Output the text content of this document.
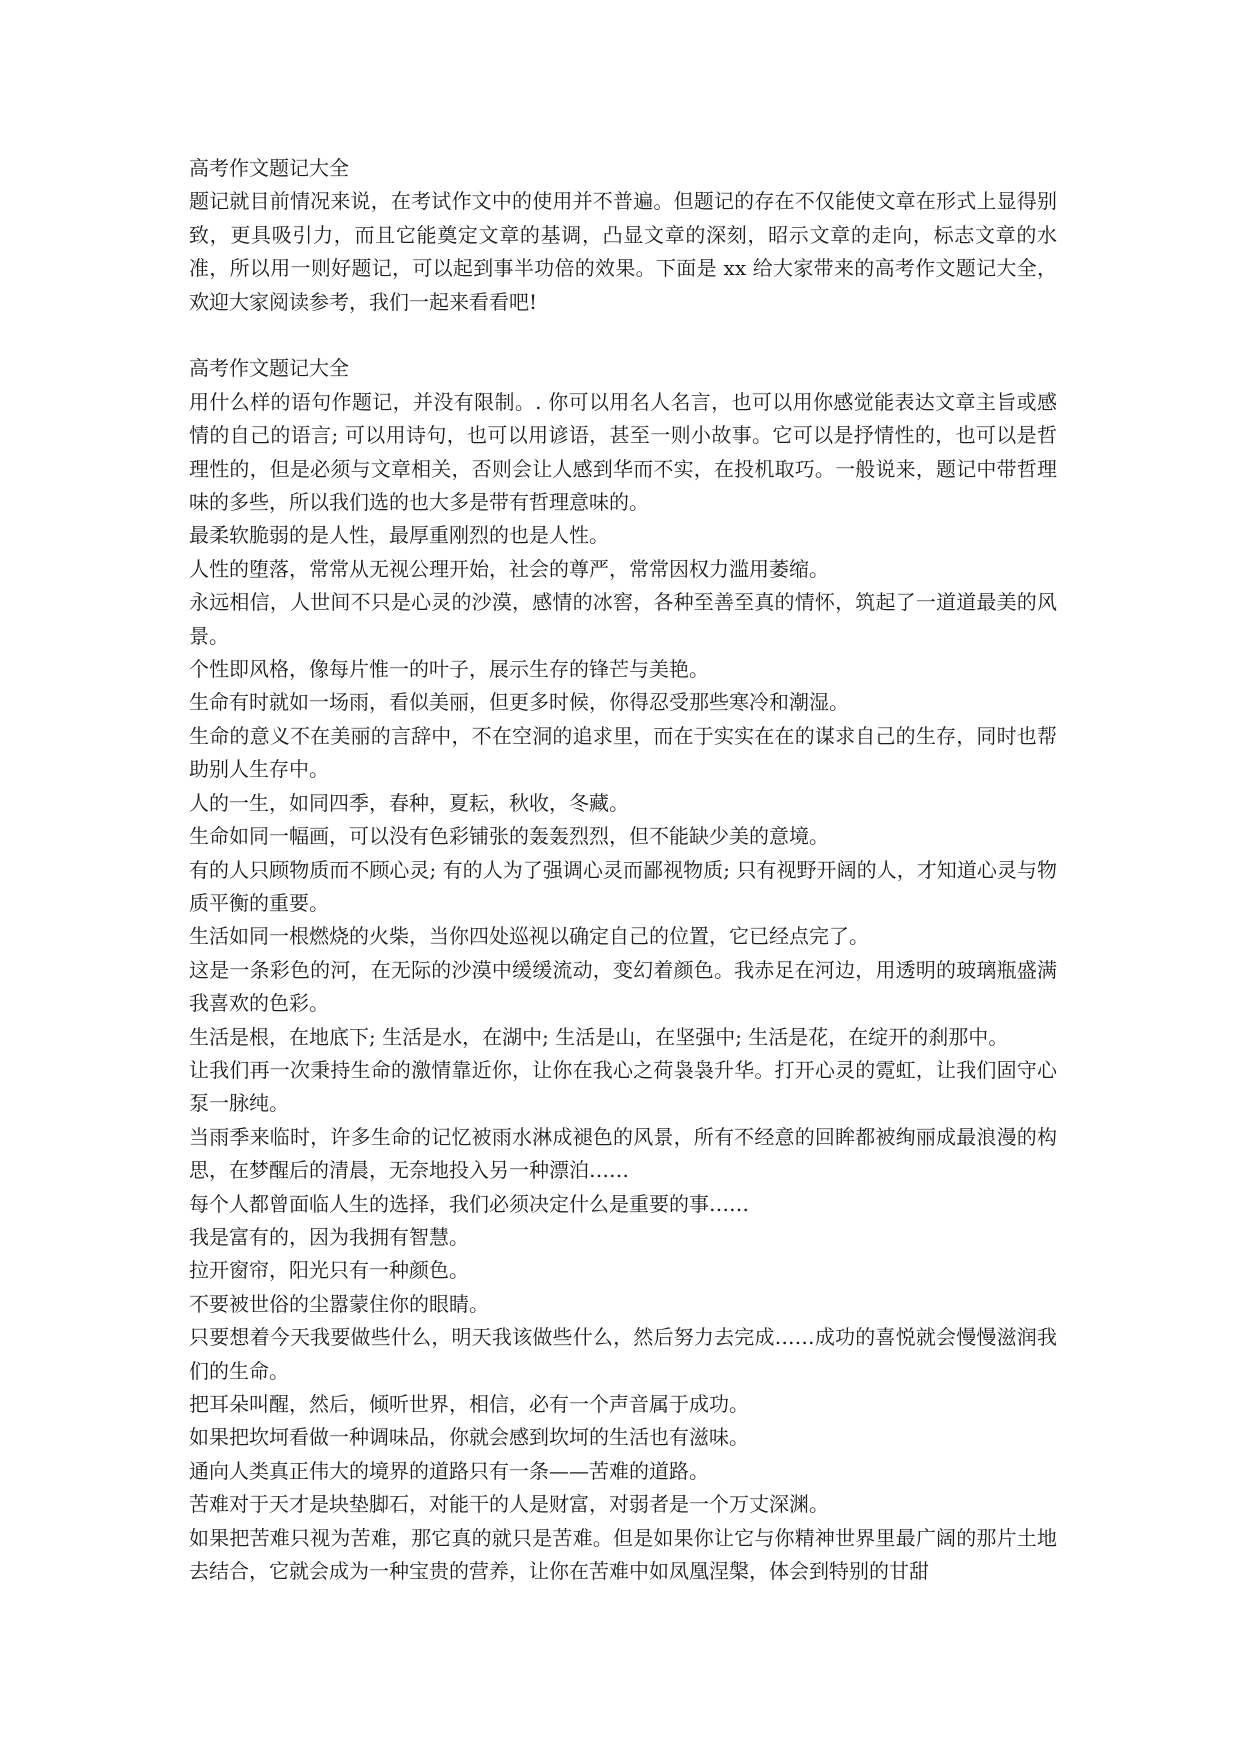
高考作文题记大全

题记就目前情况来说，在考试作文中的使用并不普遍。但题记的存在不仅能使文章在形式上显得别致，更具吸引力，而且它能奠定文章的基调，凸显文章的深刻，昭示文章的走向，标志文章的水准，所以用一则好题记，可以起到事半功倍的效果。下面是 xx 给大家带来的高考作文题记大全，欢迎大家阅读参考，我们一起来看看吧!

高考作文题记大全

用什么样的语句作题记，并没有限制。. 你可以用名人名言，也可以用你感觉能表达文章主旨或感情的自己的语言; 可以用诗句，也可以用谚语，甚至一则小故事。它可以是抒情性的，也可以是哲理性的，但是必须与文章相关，否则会让人感到华而不实，在投机取巧。一般说来，题记中带哲理味的多些，所以我们选的也大多是带有哲理意味的。

最柔软脆弱的是人性，最厚重刚烈的也是人性。

人性的堕落，常常从无视公理开始，社会的尊严，常常因权力滥用萎缩。

永远相信，人世间不只是心灵的沙漠，感情的冰窖，各种至善至真的情怀，筑起了一道道最美的风景。

个性即风格，像每片惟一的叶子，展示生存的锋芒与美艳。

生命有时就如一场雨，看似美丽，但更多时候，你得忍受那些寒冷和潮湿。

生命的意义不在美丽的言辞中，不在空洞的追求里，而在于实实在在的谋求自己的生存，同时也帮助别人生存中。

人的一生，如同四季，春种，夏耘，秋收，冬藏。

生命如同一幅画，可以没有色彩铺张的轰轰烈烈，但不能缺少美的意境。

有的人只顾物质而不顾心灵; 有的人为了强调心灵而鄙视物质; 只有视野开阔的人，才知道心灵与物质平衡的重要。

生活如同一根燃烧的火柴，当你四处巡视以确定自己的位置，它已经点完了。

这是一条彩色的河，在无际的沙漠中缓缓流动，变幻着颜色。我赤足在河边，用透明的玻璃瓶盛满我喜欢的色彩。

生活是根，在地底下; 生活是水，在湖中; 生活是山，在坚强中; 生活是花，在绽开的刹那中。

让我们再一次秉持生命的激情靠近你，让你在我心之荷袅袅升华。打开心灵的霓虹，让我们固守心泵一脉纯。

当雨季来临时，许多生命的记忆被雨水淋成褪色的风景，所有不经意的回眸都被绚丽成最浪漫的构思，在梦醒后的清晨，无奈地投入另一种漂泊……

每个人都曾面临人生的选择，我们必须决定什么是重要的事……

我是富有的，因为我拥有智慧。

拉开窗帘，阳光只有一种颜色。

不要被世俗的尘嚣蒙住你的眼睛。

只要想着今天我要做些什么，明天我该做些什么，然后努力去完成……成功的喜悦就会慢慢滋润我们的生命。

把耳朵叫醒，然后，倾听世界，相信，必有一个声音属于成功。

如果把坎坷看做一种调味品，你就会感到坎坷的生活也有滋味。

通向人类真正伟大的境界的道路只有一条——苦难的道路。

苦难对于天才是块垫脚石，对能干的人是财富，对弱者是一个万丈深渊。

如果把苦难只视为苦难，那它真的就只是苦难。但是如果你让它与你精神世界里最广阔的那片土地去结合，它就会成为一种宝贵的营养，让你在苦难中如凤凰涅槃，体会到特别的甘甜
